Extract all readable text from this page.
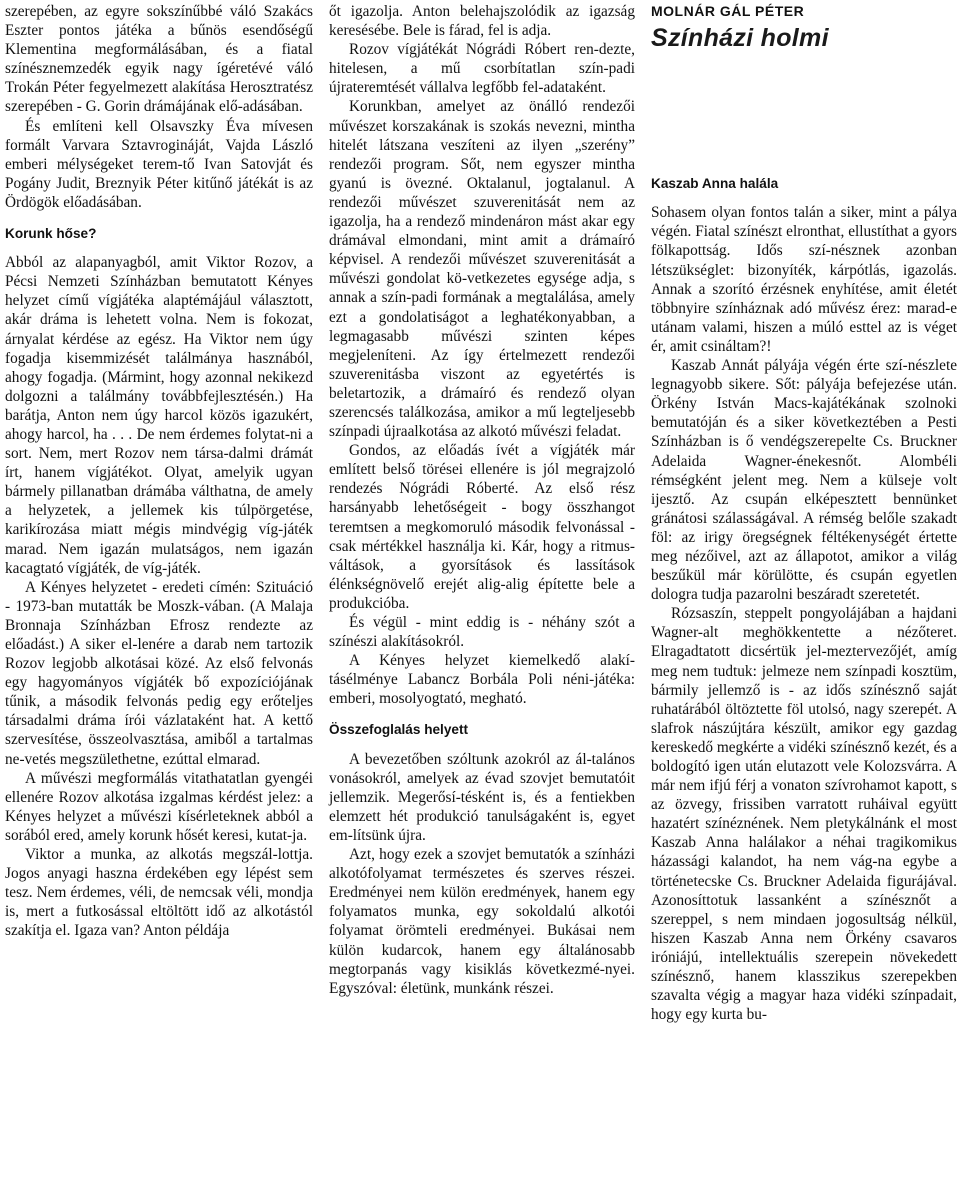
szerepében, az egyre sokszínűbbé váló Szakács Eszter pontos játéka a bűnös esendőségű Klementina megformálásában, és a fiatal színésznemzedék egyik nagy ígéretévé váló Trokán Péter fegyelmezett alakítása Herosztratész szerepében - G. Gorin drámájának elő-adásában.

És említeni kell Olsavszky Éva mívesen formált Varvara Sztavrogináját, Vajda László emberi mélységeket terem-tő Ivan Satovját és Pogány Judit, Breznyik Péter kitűnő játékát is az Ördögök előadásában.

Korunk hőse?

Abból az alapanyagból, amit Viktor Rozov, a Pécsi Nemzeti Színházban bemutatott Kényes helyzet című vígjátéka alaptémájául választott, akár dráma is lehetett volna. Nem is fokozat, árnyalat kérdése az egész. Ha Viktor nem úgy fogadja kisemmizését találmánya hasznából, ahogy fogadja. (Mármint, hogy azonnal nekikezd dolgozni a találmány továbbfejlesztésén.) Ha barátja, Anton nem úgy harcol közös igazukért, ahogy harcol, ha . . . De nem érdemes folytat-ni a sort. Nem, mert Rozov nem társa-dalmi drámát írt, hanem vígjátékot. Olyat, amelyik ugyan bármely pillanatban drámába válthatna, de amely a helyzetek, a jellemek kis túlpörgetése, karikírozása miatt mégis mindvégig víg-játék marad. Nem igazán mulatságos, nem igazán kacagtató vígjáték, de víg-játék.

A Kényes helyzetet - eredeti címén: Szituáció - 1973-ban mutatták be Moszk-vában. (A Malaja Bronnaja Színházban Efrosz rendezte az előadást.) A siker el-lenére a darab nem tartozik Rozov legjobb alkotásai közé. Az első felvonás egy hagyományos vígjáték bő expozíciójának tűnik, a második felvonás pedig egy erőteljes társadalmi dráma írói vázlataként hat. A kettő szervesítése, összeolvasztása, amiből a tartalmas ne-vetés megszülethetne, ezúttal elmarad.

A művészi megformálás vitathatatlan gyengéi ellenére Rozov alkotása izgalmas kérdést jelez: a Kényes helyzet a művészi kísérleteknek abból a sorából ered, amely korunk hősét keresi, kutat-ja.

Viktor a munka, az alkotás megszál-lottja. Jogos anyagi haszna érdekében egy lépést sem tesz. Nem érdemes, véli, de nemcsak véli, mondja is, mert a futkosással eltöltött idő az alkotástól szakítja el. Igaza van? Anton példája

őt igazolja. Anton belehajszolódik az igazság keresésébe. Bele is fárad, fel is adja.

Rozov vígjátékát Nógrádi Róbert ren-dezte, hitelesen, a mű csorbítatlan szín-padi újrateremtését vállalva legfőbb fel-adataként.

Korunkban, amelyet az önálló rendezői művészet korszakának is szokás nevezni, mintha hitelét látszana veszíteni az ilyen „szerény” rendezői program. Sőt, nem egyszer mintha gyanú is övezné. Oktalanul, jogtalanul. A rendezői művészet szuverenitását nem az igazolja, ha a rendező mindenáron mást akar egy drámával elmondani, mint amit a drámaíró képvisel. A rendezői művészet szuverenitását a művészi gondolat kö-vetkezetes egysége adja, s annak a szín-padi formának a megtalálása, amely ezt a gondolatiságot a leghatékonyabban, a legmagasabb művészi szinten képes megjeleníteni. Az így értelmezett rendezői szuverenitásba viszont az egyetértés is beletartozik, a drámaíró és rendező olyan szerencsés találkozása, amikor a mű legteljesebb színpadi újraalkotása az alkotó művészi feladat.

Gondos, az előadás ívét a vígjáték már említett belső törései ellenére is jól megrajzoló rendezés Nógrádi Róberté. Az első rész harsányabb lehetőségeit - bogy összhangot teremtsen a megkomoruló második felvonással - csak mértékkel használja ki. Kár, hogy a ritmus-váltások, a gyorsítások és lassítások élénkségnövelő erejét alig-alig építette bele a produkcióba.

És végül - mint eddig is - néhány szót a színészi alakításokról.

A Kényes helyzet kiemelkedő alakí-tásélménye Labancz Borbála Poli néni-játéka: emberi, mosolyogtató, megható.

Összefoglalás helyett

A bevezetőben szóltunk azokról az ál-talános vonásokról, amelyek az évad szovjet bemutatóit jellemzik. Megerősí-tésként is, és a fentiekben elemzett hét produkció tanulságaként is, egyet em-lítsünk újra.

Azt, hogy ezek a szovjet bemutatók a színházi alkotófolyamat természetes és szerves részei. Eredményei nem külön eredmények, hanem egy folyamatos munka, egy sokoldalú alkotói folyamat örömteli eredményei. Bukásai nem külön kudarcok, hanem egy általánosabb megtorpanás vagy kisiklás következmé-nyei. Egyszóval: életünk, munkánk részei.

MOLNÁR GÁL PÉTER
Színházi holmi
Kaszab Anna halála

Sohasem olyan fontos talán a siker, mint a pálya végén. Fiatal színészt elronthat, ellustíthat a gyors fölkapottság. Idős szí-nésznek azonban létszükséglet: bizonyíték, kárpótlás, igazolás. Annak a szorító érzésnek enyhítése, amit életét többnyire színháznak adó művész érez: marad-e utánam valami, hiszen a múló esttel az is véget ér, amit csináltam?!

Kaszab Annát pályája végén érte szí-nészlete legnagyobb sikere. Sőt: pályája befejezése után. Örkény István Macs-kajátékának szolnoki bemutatóján és a siker következtében a Pesti Színházban is ő vendégszerepelte Cs. Bruckner Adelaida Wagner-énekesnőt. Alombéli rémségként jelent meg. Nem a külseje volt ijesztő. Az csupán elképesztett bennünket gránátosi szálasságával. A rémség belőle szakadt föl: az irigy öregségnek féltékenységét értette meg nézőivel, azt az állapotot, amikor a világ beszűkül már körülötte, és csupán egyetlen dologra tudja pazarolni beszáradt szeretetét.

Rózsaszín, steppelt pongyolájában a hajdani Wagner-alt meghökkentette a nézőteret. Elragadtatott dicsértük jel-meztervezőjét, amíg meg nem tudtuk: jelmeze nem színpadi kosztüm, bármily jellemző is - az idős színésznő saját ruhatárából öltöztette föl utolsó, nagy szerepét. A slafrok nászújtára készült, amikor egy gazdag kereskedő megkérte a vidéki színésznő kezét, és a boldogító igen után elutazott vele Kolozsvárra. A már nem ifjú férj a vonaton szívrohamot kapott, s az özvegy, frissiben varratott ruháival együtt hazatért színéznének. Nem pletykálnánk el most Kaszab Anna halálakor a néhai tragikomikus házassági kalandot, ha nem vág-na egybe a történetecske Cs. Bruckner Adelaida figurájával. Azonosíttotuk lassanként a színésznőt a szereppel, s nem mindaen jogosultság nélkül, hiszen Kaszab Anna nem Örkény csavaros iróniájú, intellektuális szerepein növekedett színésznő, hanem klasszikus szerepekben szavalta végig a magyar haza vidéki színpadait, hogy egy kurta bu-
